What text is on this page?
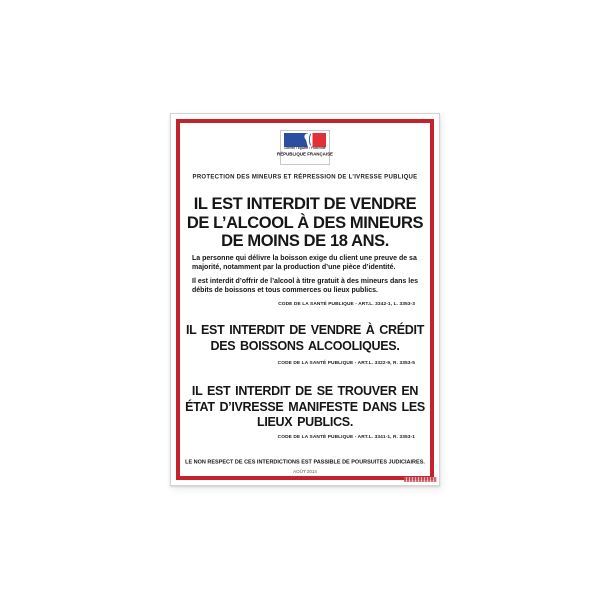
Liberté • Égalité • Fraternité
RÉPUBLIQUE FRANÇAISE
PROTECTION DES MINEURS ET RÉPRESSION DE L’IVRESSE PUBLIQUE
IL EST INTERDIT DE VENDRE
DE L’ALCOOL À DES MINEURS
DE MOINS DE 18 ANS.

La personne qui délivre la boisson exige du client une preuve de sa majorité, notamment par la production d’une pièce d’identité.

Il est interdit d’offrir de l’alcool à titre gratuit à des mineurs dans les débits de boissons et tous commerces ou lieux publics.

CODE DE LA SANTÉ PUBLIQUE - ART.L. 3342-1, L. 3353-3
IL EST INTERDIT DE VENDRE À CRÉDIT
DES BOISSONS ALCOOLIQUES.
CODE DE LA SANTÉ PUBLIQUE - ART.L. 3322-9, R. 3353-5
IL EST INTERDIT DE SE TROUVER EN
ÉTAT D’IVRESSE MANIFESTE DANS LES
LIEUX PUBLICS.
CODE DE LA SANTÉ PUBLIQUE - ART.L. 3341-1, R. 3353-1
LE NON RESPECT DE CES INTERDICTIONS EST PASSIBLE DE POURSUITES JUDICIAIRES.
AOÛT 2014
